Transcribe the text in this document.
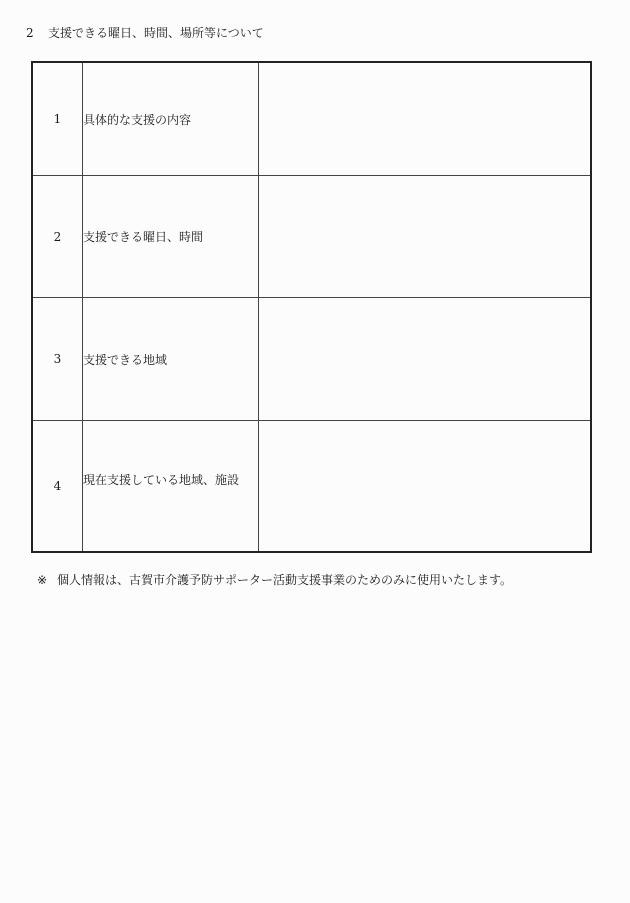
2 支援できる曜日、時間、場所等について
1	具体的な支援の内容	
2	支援できる曜日、時間	
3	支援できる地域	
4	現在支援している地域、施設	
※ 個人情報は、古賀市介護予防サポーター活動支援事業のためのみに使用いたします。
